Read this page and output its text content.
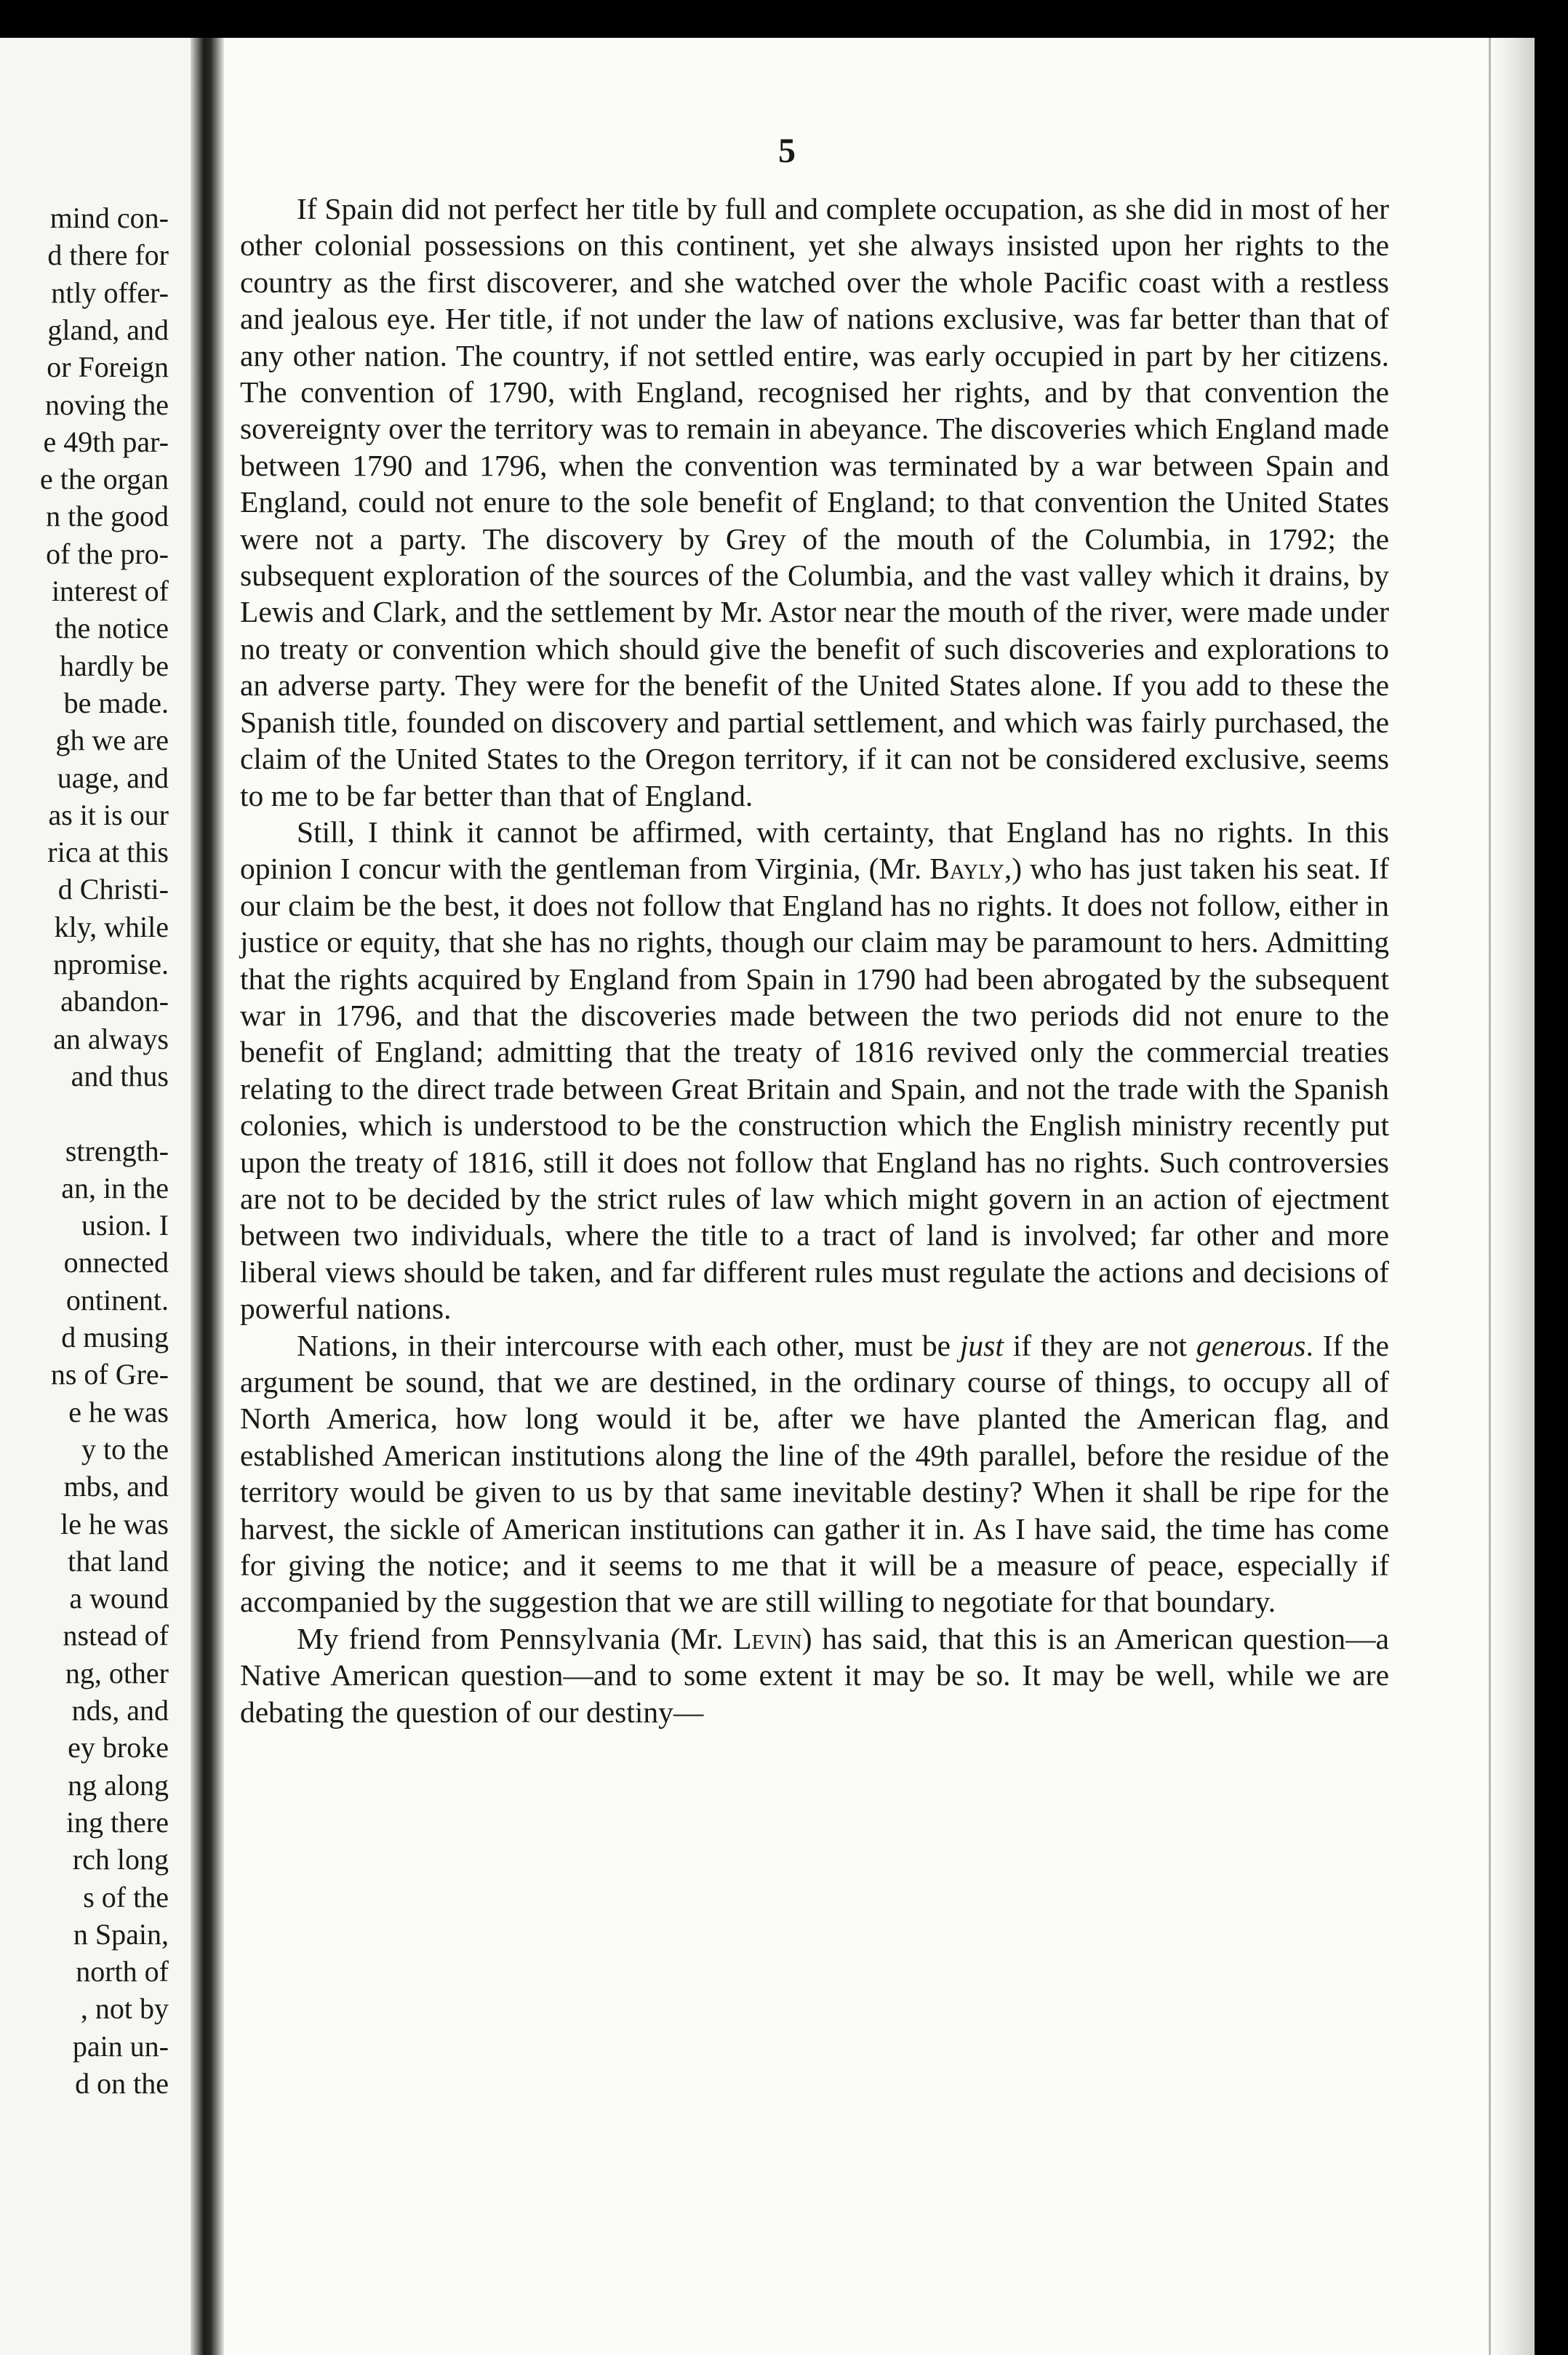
mind con-
d there for
ntly offer-
gland, and
or Foreign
noving the
e 49th par-
e the organ
n the good
of the pro-
interest of
the notice
hardly be
be made.
gh we are
uage, and
as it is our
rica at this
d Christi-
kly, while
npromise.
abandon-
an always
and thus
strength-
an, in the
usion. I
onnected
ontinent.
d musing
ns of Gre-
e he was
y to the
mbs, and
le he was
that land
a wound
nstead of
ng, other
nds, and
ey broke
ng along
ing there
rch long
s of the
n Spain,
north of
, not by
pain un-
d on the
5

If Spain did not perfect her title by full and complete occupation, as she did in most of her other colonial possessions on this continent, yet she always insisted upon her rights to the country as the first discoverer, and she watched over the whole Pacific coast with a restless and jealous eye. Her title, if not under the law of nations exclusive, was far better than that of any other nation. The country, if not settled entire, was early occupied in part by her citizens. The convention of 1790, with England, recognised her rights, and by that convention the sovereignty over the territory was to remain in abeyance. The discoveries which England made between 1790 and 1796, when the convention was terminated by a war between Spain and England, could not enure to the sole benefit of England; to that convention the United States were not a party. The discovery by Grey of the mouth of the Columbia, in 1792; the subsequent exploration of the sources of the Columbia, and the vast valley which it drains, by Lewis and Clark, and the settlement by Mr. Astor near the mouth of the river, were made under no treaty or convention which should give the benefit of such discoveries and explorations to an adverse party. They were for the benefit of the United States alone. If you add to these the Spanish title, founded on discovery and partial settlement, and which was fairly purchased, the claim of the United States to the Oregon territory, if it can not be considered exclusive, seems to me to be far better than that of England.

Still, I think it cannot be affirmed, with certainty, that England has no rights. In this opinion I concur with the gentleman from Virginia, (Mr. Bayly,) who has just taken his seat. If our claim be the best, it does not follow that England has no rights. It does not follow, either in justice or equity, that she has no rights, though our claim may be paramount to hers. Admitting that the rights acquired by England from Spain in 1790 had been abrogated by the subsequent war in 1796, and that the discoveries made between the two periods did not enure to the benefit of England; admitting that the treaty of 1816 revived only the commercial treaties relating to the direct trade between Great Britain and Spain, and not the trade with the Spanish colonies, which is understood to be the construction which the English ministry recently put upon the treaty of 1816, still it does not follow that England has no rights. Such controversies are not to be decided by the strict rules of law which might govern in an action of ejectment between two individuals, where the title to a tract of land is involved; far other and more liberal views should be taken, and far different rules must regulate the actions and decisions of powerful nations.

Nations, in their intercourse with each other, must be just if they are not generous. If the argument be sound, that we are destined, in the ordinary course of things, to occupy all of North America, how long would it be, after we have planted the American flag, and established American institutions along the line of the 49th parallel, before the residue of the territory would be given to us by that same inevitable destiny? When it shall be ripe for the harvest, the sickle of American institutions can gather it in. As I have said, the time has come for giving the notice; and it seems to me that it will be a measure of peace, especially if accompanied by the suggestion that we are still willing to negotiate for that boundary.

My friend from Pennsylvania (Mr. Levin) has said, that this is an American question—a Native American question—and to some extent it may be so. It may be well, while we are debating the question of our destiny—
